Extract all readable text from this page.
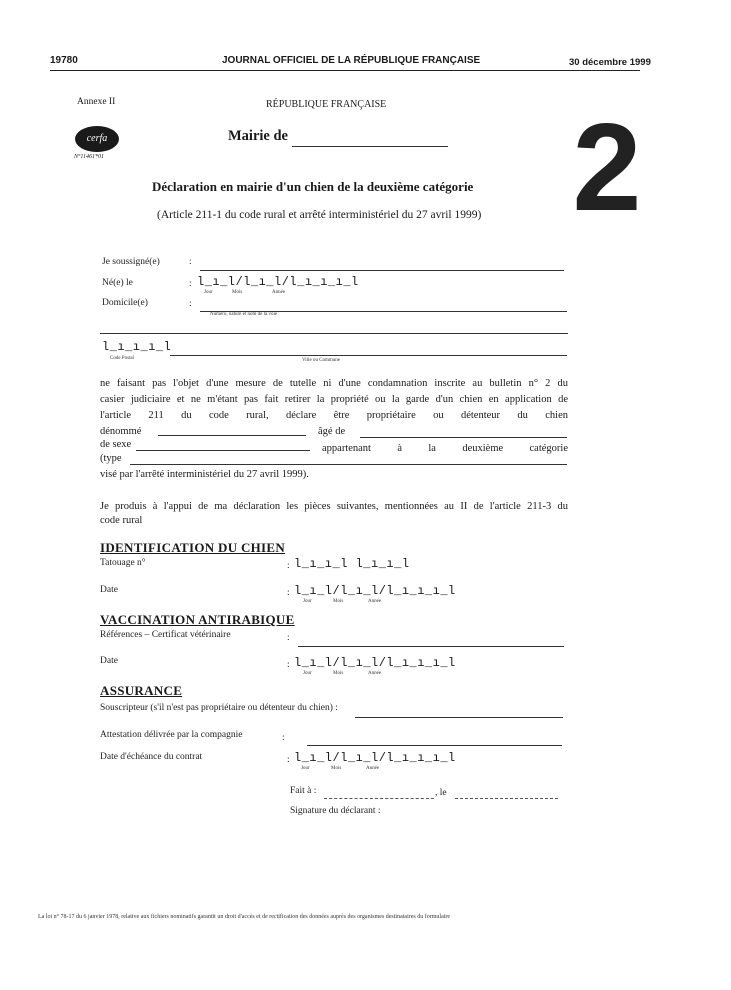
19780	JOURNAL OFFICIEL DE LA RÉPUBLIQUE FRANÇAISE	30 décembre 1999
Annexe II	RÉPUBLIQUE FRANÇAISE
cerfa
N°11461*01
Mairie de 2
Déclaration en mairie d'un chien de la deuxième catégorie
(Article 211-1 du code rural et arrêté interministériel du 27 avril 1999)
Je soussigné(e)	:
Né(e) le	: l_ı_l/l_ı_l/l_ı_ı_ı_l
Jour	Mois	Année
Domicile(e)	:
Numéro, nature et nom de la voie
l_ı_ı_ı_l
Code Postal	Ville ou Commune
ne faisant pas l'objet d'une mesure de tutelle ni d'une condamnation inscrite au bulletin n° 2 du
casier judiciaire et ne m'étant pas fait retirer la propriété ou la garde d'un chien en application de
l'article 211 du code rural, déclare être propriétaire ou détenteur du chien
dénommé	âgé de
de sexe	appartenant à la deuxième catégorie
(type
visé par l'arrêté interministériel du 27 avril 1999).
Je produis à l'appui de ma déclaration les pièces suivantes, mentionnées au II de l'article 211-3 du
code rural
IDENTIFICATION DU CHIEN
Tatouage n°	: l_ı_ı_l l_ı_ı_l
Date	: l_ı_l/l_ı_l/l_ı_ı_ı_l
Jour	Mois	Année
VACCINATION ANTIRABIQUE
Références – Certificat vétérinaire	:
Date	: l_ı_l/l_ı_l/l_ı_ı_ı_l
Jour	Mois	Année
ASSURANCE
Souscripteur (s'il n'est pas propriétaire ou détenteur du chien) :
Attestation délivrée par la compagnie	:
Date d'échéance du contrat	: l_ı_l/l_ı_l/l_ı_ı_ı_l
Jour	Mois	Année
Fait à :	, le
Signature du déclarant :
La loi n° 78-17 du 6 janvier 1978, relative aux fichiers nominatifs garantit un droit d'accès et de rectification des données auprès des organismes destinataires du formulaire
